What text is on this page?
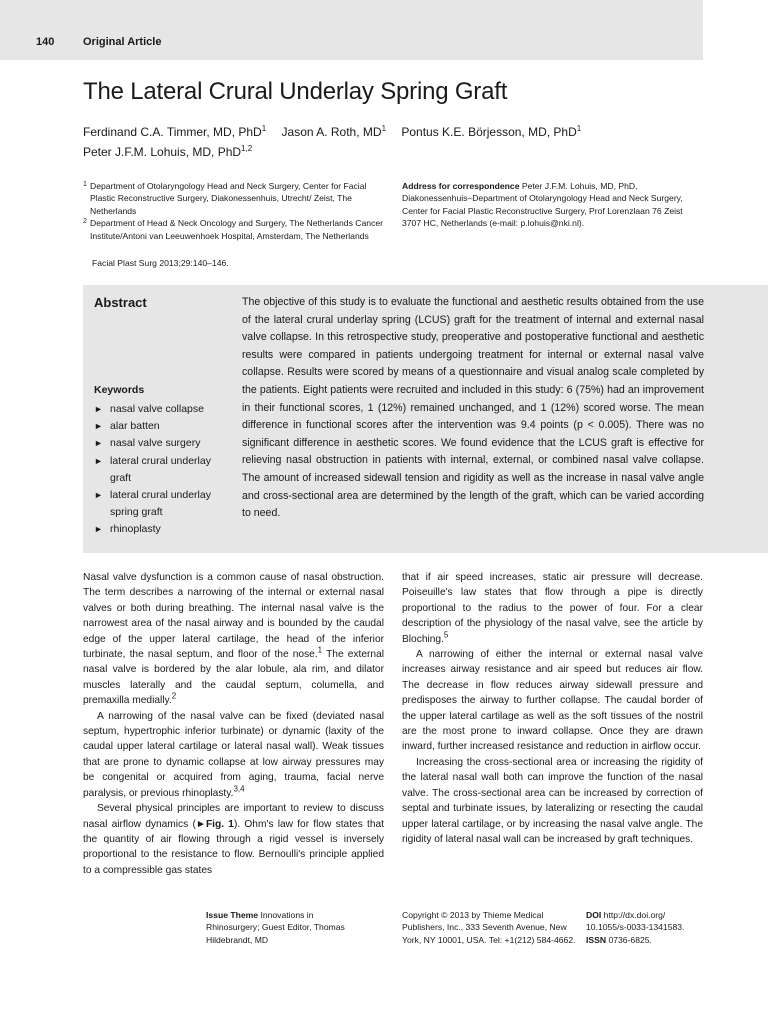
140	Original Article
The Lateral Crural Underlay Spring Graft
Ferdinand C.A. Timmer, MD, PhD$^1$ Jason A. Roth, $MD^1$ Pontus K.E. Börjesson, MD, PhD$^1$
Peter J.F.M. Lohuis, MD, PhD$^{1,2}$

1 Department of Otolaryngology Head and Neck Surgery, Center for Facial Plastic Reconstructive Surgery, Diakonessenhuis, Utrecht/ Zeist, The Netherlands

2 Department of Head & Neck Oncology and Surgery, The Netherlands Cancer Institute/Antoni van Leeuwenhoek Hospital, Amsterdam, The Netherlands

Address for correspondence Peter J.F.M. Lohuis, MD, PhD, Diakonessenhuis–Department of Otolaryngology Head and Neck Surgery, Center for Facial Plastic Reconstructive Surgery, Prof Lorenzlaan 76 Zeist 3707 HC, Netherlands (e-mail: p.lohuis@nki.nl).
Facial Plast Surg 2013;29:140–146.
Abstract
Keywords
► nasal valve collapse
► alar batten
► nasal valve surgery
► lateral crural underlay graft
► lateral crural underlay spring graft
► rhinoplasty
The objective of this study is to evaluate the functional and aesthetic results obtained from the use of the lateral crural underlay spring (LCUS) graft for the treatment of internal and external nasal valve collapse. In this retrospective study, preoperative and postoperative functional and aesthetic results were compared in patients undergoing treatment for internal or external nasal valve collapse. Results were scored by means of a questionnaire and visual analog scale completed by the patients. Eight patients were recruited and included in this study: 6 (75%) had an improvement in their functional scores, 1 (12%) remained unchanged, and 1 (12%) scored worse. The mean difference in functional scores after the intervention was 9.4 points (p < 0.005). There was no significant difference in aesthetic scores. We found evidence that the LCUS graft is effective for relieving nasal obstruction in patients with internal, external, or combined nasal valve collapse. The amount of increased sidewall tension and rigidity as well as the increase in nasal valve angle and cross-sectional area are determined by the length of the graft, which can be varied according to need.

Nasal valve dysfunction is a common cause of nasal obstruction. The term describes a narrowing of the internal or external nasal valves or both during breathing. The internal nasal valve is the narrowest area of the nasal airway and is bounded by the caudal edge of the upper lateral cartilage, the head of the inferior turbinate, the nasal septum, and floor of the nose.$^1$ The external nasal valve is bordered by the alar lobule, ala rim, and dilator muscles laterally and the caudal septum, columella, and premaxilla medially.$^2$

A narrowing of the nasal valve can be fixed (deviated nasal septum, hypertrophic inferior turbinate) or dynamic (laxity of the caudal upper lateral cartilage or lateral nasal wall). Weak tissues that are prone to dynamic collapse at low airway pressures may be congenital or acquired from aging, trauma, facial nerve paralysis, or previous rhinoplasty.$^{3,4}$

Several physical principles are important to review to discuss nasal airflow dynamics (►Fig. 1). Ohm's law for flow states that the quantity of air flowing through a rigid vessel is inversely proportional to the resistance to flow. Bernoulli's principle applied to a compressible gas states

that if air speed increases, static air pressure will decrease. Poiseuille's law states that flow through a pipe is directly proportional to the radius to the power of four. For a clear description of the physiology of the nasal valve, see the article by Bloching.$^5$

A narrowing of either the internal or external nasal valve increases airway resistance and air speed but reduces air flow. The decrease in flow reduces airway sidewall pressure and predisposes the airway to further collapse. The caudal border of the upper lateral cartilage as well as the soft tissues of the nostril are the most prone to inward collapse. Once they are drawn inward, further increased resistance and reduction in airflow occur.

Increasing the cross-sectional area or increasing the rigidity of the lateral nasal wall both can improve the function of the nasal valve. The cross-sectional area can be increased by correction of septal and turbinate issues, by lateralizing or resecting the caudal upper lateral cartilage, or by increasing the nasal valve angle. The rigidity of lateral nasal wall can be increased by graft techniques.

Issue Theme Innovations in Rhinosurgery; Guest Editor, Thomas Hildebrandt, MD
Copyright © 2013 by Thieme Medical Publishers, Inc., 333 Seventh Avenue, New York, NY 10001, USA. Tel: +1(212) 584-4662.
DOI http://dx.doi.org/ 10.1055/s-0033-1341583.
ISSN 0736-6825.
